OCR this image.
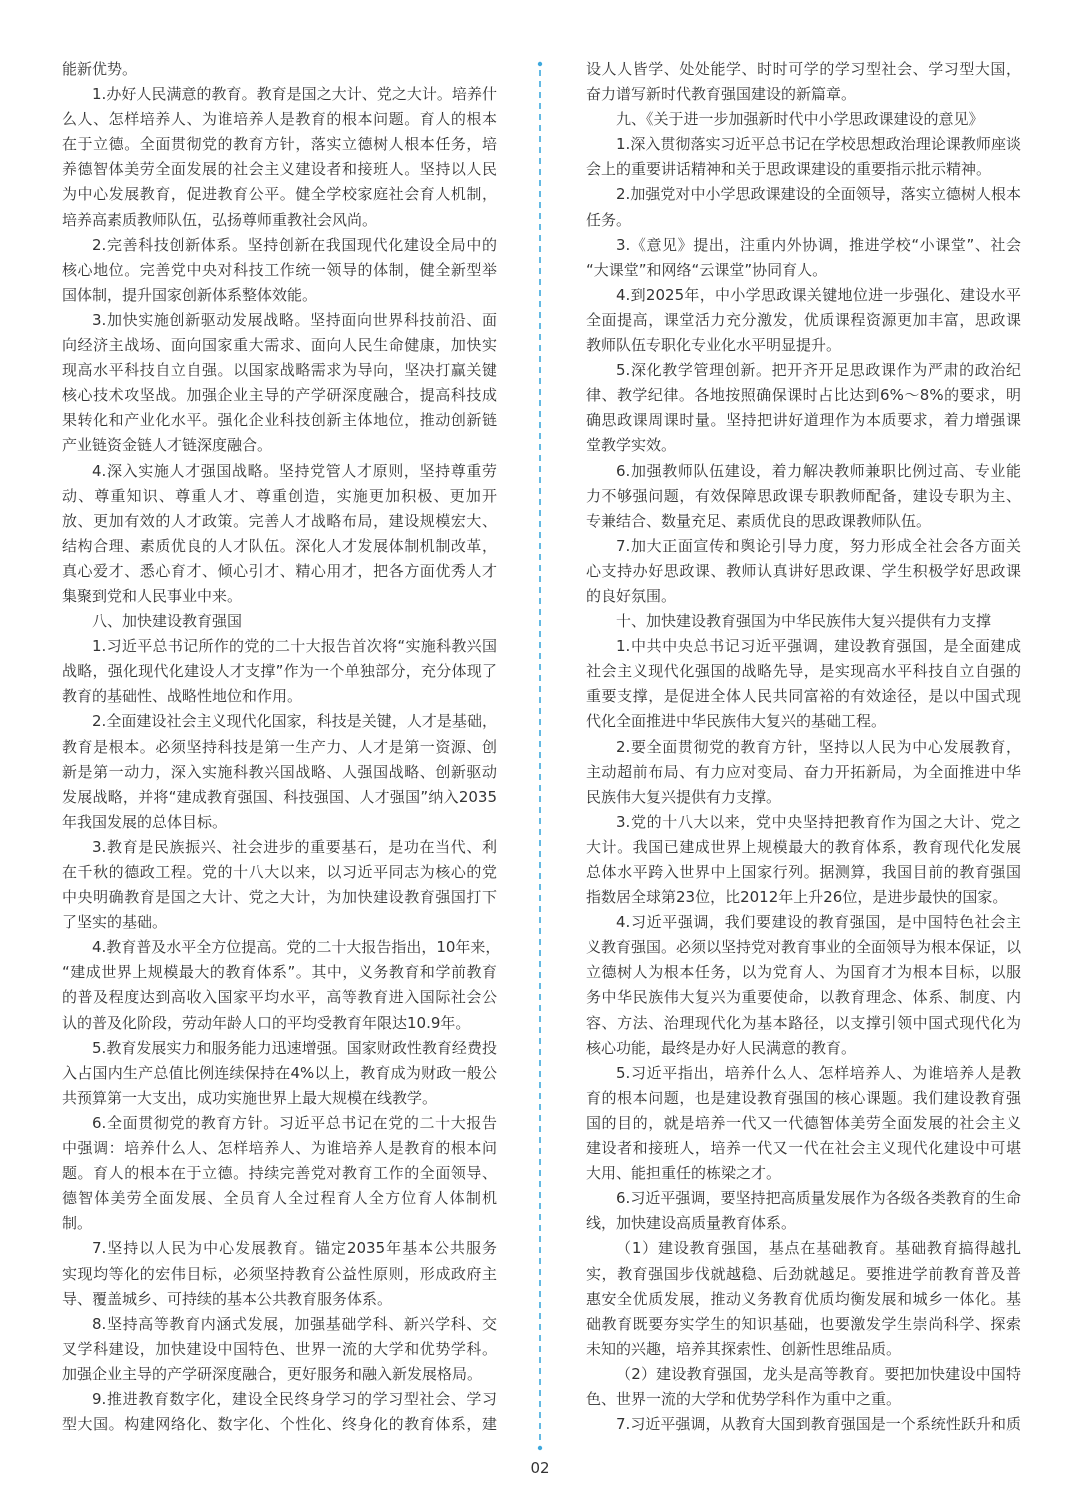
能新优势。
1.办好人民满意的教育。教育是国之大计、党之大计。培养什
么人、怎样培养人、为谁培养人是教育的根本问题。育人的根本
在于立德。全面贯彻党的教育方针，落实立德树人根本任务，培
养德智体美劳全面发展的社会主义建设者和接班人。坚持以人民
为中心发展教育，促进教育公平。健全学校家庭社会育人机制，
培养高素质教师队伍，弘扬尊师重教社会风尚。
2.完善科技创新体系。坚持创新在我国现代化建设全局中的
核心地位。完善党中央对科技工作统一领导的体制，健全新型举
国体制，提升国家创新体系整体效能。
3.加快实施创新驱动发展战略。坚持面向世界科技前沿、面
向经济主战场、面向国家重大需求、面向人民生命健康，加快实
现高水平科技自立自强。以国家战略需求为导向，坚决打赢关键
核心技术攻坚战。加强企业主导的产学研深度融合，提高科技成
果转化和产业化水平。强化企业科技创新主体地位，推动创新链
产业链资金链人才链深度融合。
4.深入实施人才强国战略。坚持党管人才原则，坚持尊重劳
动、尊重知识、尊重人才、尊重创造，实施更加积极、更加开
放、更加有效的人才政策。完善人才战略布局，建设规模宏大、
结构合理、素质优良的人才队伍。深化人才发展体制机制改革，
真心爱才、悉心育才、倾心引才、精心用才，把各方面优秀人才
集聚到党和人民事业中来。
八、加快建设教育强国
1.习近平总书记所作的党的二十大报告首次将“实施科教兴国
战略，强化现代化建设人才支撑”作为一个单独部分，充分体现了
教育的基础性、战略性地位和作用。
2.全面建设社会主义现代化国家，科技是关键，人才是基础，
教育是根本。必须坚持科技是第一生产力、人才是第一资源、创
新是第一动力，深入实施科教兴国战略、人强国战略、创新驱动
发展战略，并将“建成教育强国、科技强国、人才强国”纳入2035
年我国发展的总体目标。
3.教育是民族振兴、社会进步的重要基石，是功在当代、利
在千秋的德政工程。党的十八大以来，以习近平同志为核心的党
中央明确教育是国之大计、党之大计，为加快建设教育强国打下
了坚实的基础。
4.教育普及水平全方位提高。党的二十大报告指出，10年来，
“建成世界上规模最大的教育体系”。其中，义务教育和学前教育
的普及程度达到高收入国家平均水平，高等教育进入国际社会公
认的普及化阶段，劳动年龄人口的平均受教育年限达10.9年。
5.教育发展实力和服务能力迅速增强。国家财政性教育经费投
入占国内生产总值比例连续保持在4%以上，教育成为财政一般公
共预算第一大支出，成功实施世界上最大规模在线教学。
6.全面贯彻党的教育方针。习近平总书记在党的二十大报告
中强调：培养什么人、怎样培养人、为谁培养人是教育的根本问
题。育人的根本在于立德。持续完善党对教育工作的全面领导、
德智体美劳全面发展、全员育人全过程育人全方位育人体制机
制。
7.坚持以人民为中心发展教育。锚定2035年基本公共服务
实现均等化的宏伟目标，必须坚持教育公益性原则，形成政府主
导、覆盖城乡、可持续的基本公共教育服务体系。
8.坚持高等教育内涵式发展，加强基础学科、新兴学科、交
叉学科建设，加快建设中国特色、世界一流的大学和优势学科。
加强企业主导的产学研深度融合，更好服务和融入新发展格局。
9.推进教育数字化，建设全民终身学习的学习型社会、学习
型大国。构建网络化、数字化、个性化、终身化的教育体系，建
设人人皆学、处处能学、时时可学的学习型社会、学习型大国，
奋力谱写新时代教育强国建设的新篇章。
九、《关于进一步加强新时代中小学思政课建设的意见》
1.深入贯彻落实习近平总书记在学校思想政治理论课教师座谈
会上的重要讲话精神和关于思政课建设的重要指示批示精神。
2.加强党对中小学思政课建设的全面领导，落实立德树人根本
任务。
3.《意见》提出，注重内外协调，推进学校“小课堂”、社会
“大课堂”和网络“云课堂”协同育人。
4.到2025年，中小学思政课关键地位进一步强化、建设水平
全面提高，课堂活力充分激发，优质课程资源更加丰富，思政课
教师队伍专职化专业化水平明显提升。
5.深化教学管理创新。把开齐开足思政课作为严肃的政治纪
律、教学纪律。各地按照确保课时占比达到6%～8%的要求，明
确思政课周课时量。坚持把讲好道理作为本质要求，着力增强课
堂教学实效。
6.加强教师队伍建设，着力解决教师兼职比例过高、专业能
力不够强问题，有效保障思政课专职教师配备，建设专职为主、
专兼结合、数量充足、素质优良的思政课教师队伍。
7.加大正面宣传和舆论引导力度，努力形成全社会各方面关
心支持办好思政课、教师认真讲好思政课、学生积极学好思政课
的良好氛围。
十、加快建设教育强国为中华民族伟大复兴提供有力支撑
1.中共中央总书记习近平强调，建设教育强国，是全面建成
社会主义现代化强国的战略先导，是实现高水平科技自立自强的
重要支撑，是促进全体人民共同富裕的有效途径，是以中国式现
代化全面推进中华民族伟大复兴的基础工程。
2.要全面贯彻党的教育方针，坚持以人民为中心发展教育，
主动超前布局、有力应对变局、奋力开拓新局，为全面推进中华
民族伟大复兴提供有力支撑。
3.党的十八大以来，党中央坚持把教育作为国之大计、党之
大计。我国已建成世界上规模最大的教育体系，教育现代化发展
总体水平跨入世界中上国家行列。据测算，我国目前的教育强国
指数居全球第23位，比2012年上升26位，是进步最快的国家。
4.习近平强调，我们要建设的教育强国，是中国特色社会主
义教育强国。必须以坚持党对教育事业的全面领导为根本保证，以
立德树人为根本任务，以为党育人、为国育才为根本目标，以服
务中华民族伟大复兴为重要使命，以教育理念、体系、制度、内
容、方法、治理现代化为基本路径，以支撑引领中国式现代化为
核心功能，最终是办好人民满意的教育。
5.习近平指出，培养什么人、怎样培养人、为谁培养人是教
育的根本问题，也是建设教育强国的核心课题。我们建设教育强
国的目的，就是培养一代又一代德智体美劳全面发展的社会主义
建设者和接班人，培养一代又一代在社会主义现代化建设中可堪
大用、能担重任的栋梁之才。
6.习近平强调，要坚持把高质量发展作为各级各类教育的生命
线，加快建设高质量教育体系。
（1）建设教育强国，基点在基础教育。基础教育搞得越扎
实，教育强国步伐就越稳、后劲就越足。要推进学前教育普及普
惠安全优质发展，推动义务教育优质均衡发展和城乡一体化。基
础教育既要夯实学生的知识基础，也要激发学生崇尚科学、探索
未知的兴趣，培养其探索性、创新性思维品质。
（2）建设教育强国，龙头是高等教育。要把加快建设中国特
色、世界一流的大学和优势学科作为重中之重。
7.习近平强调，从教育大国到教育强国是一个系统性跃升和质
02
